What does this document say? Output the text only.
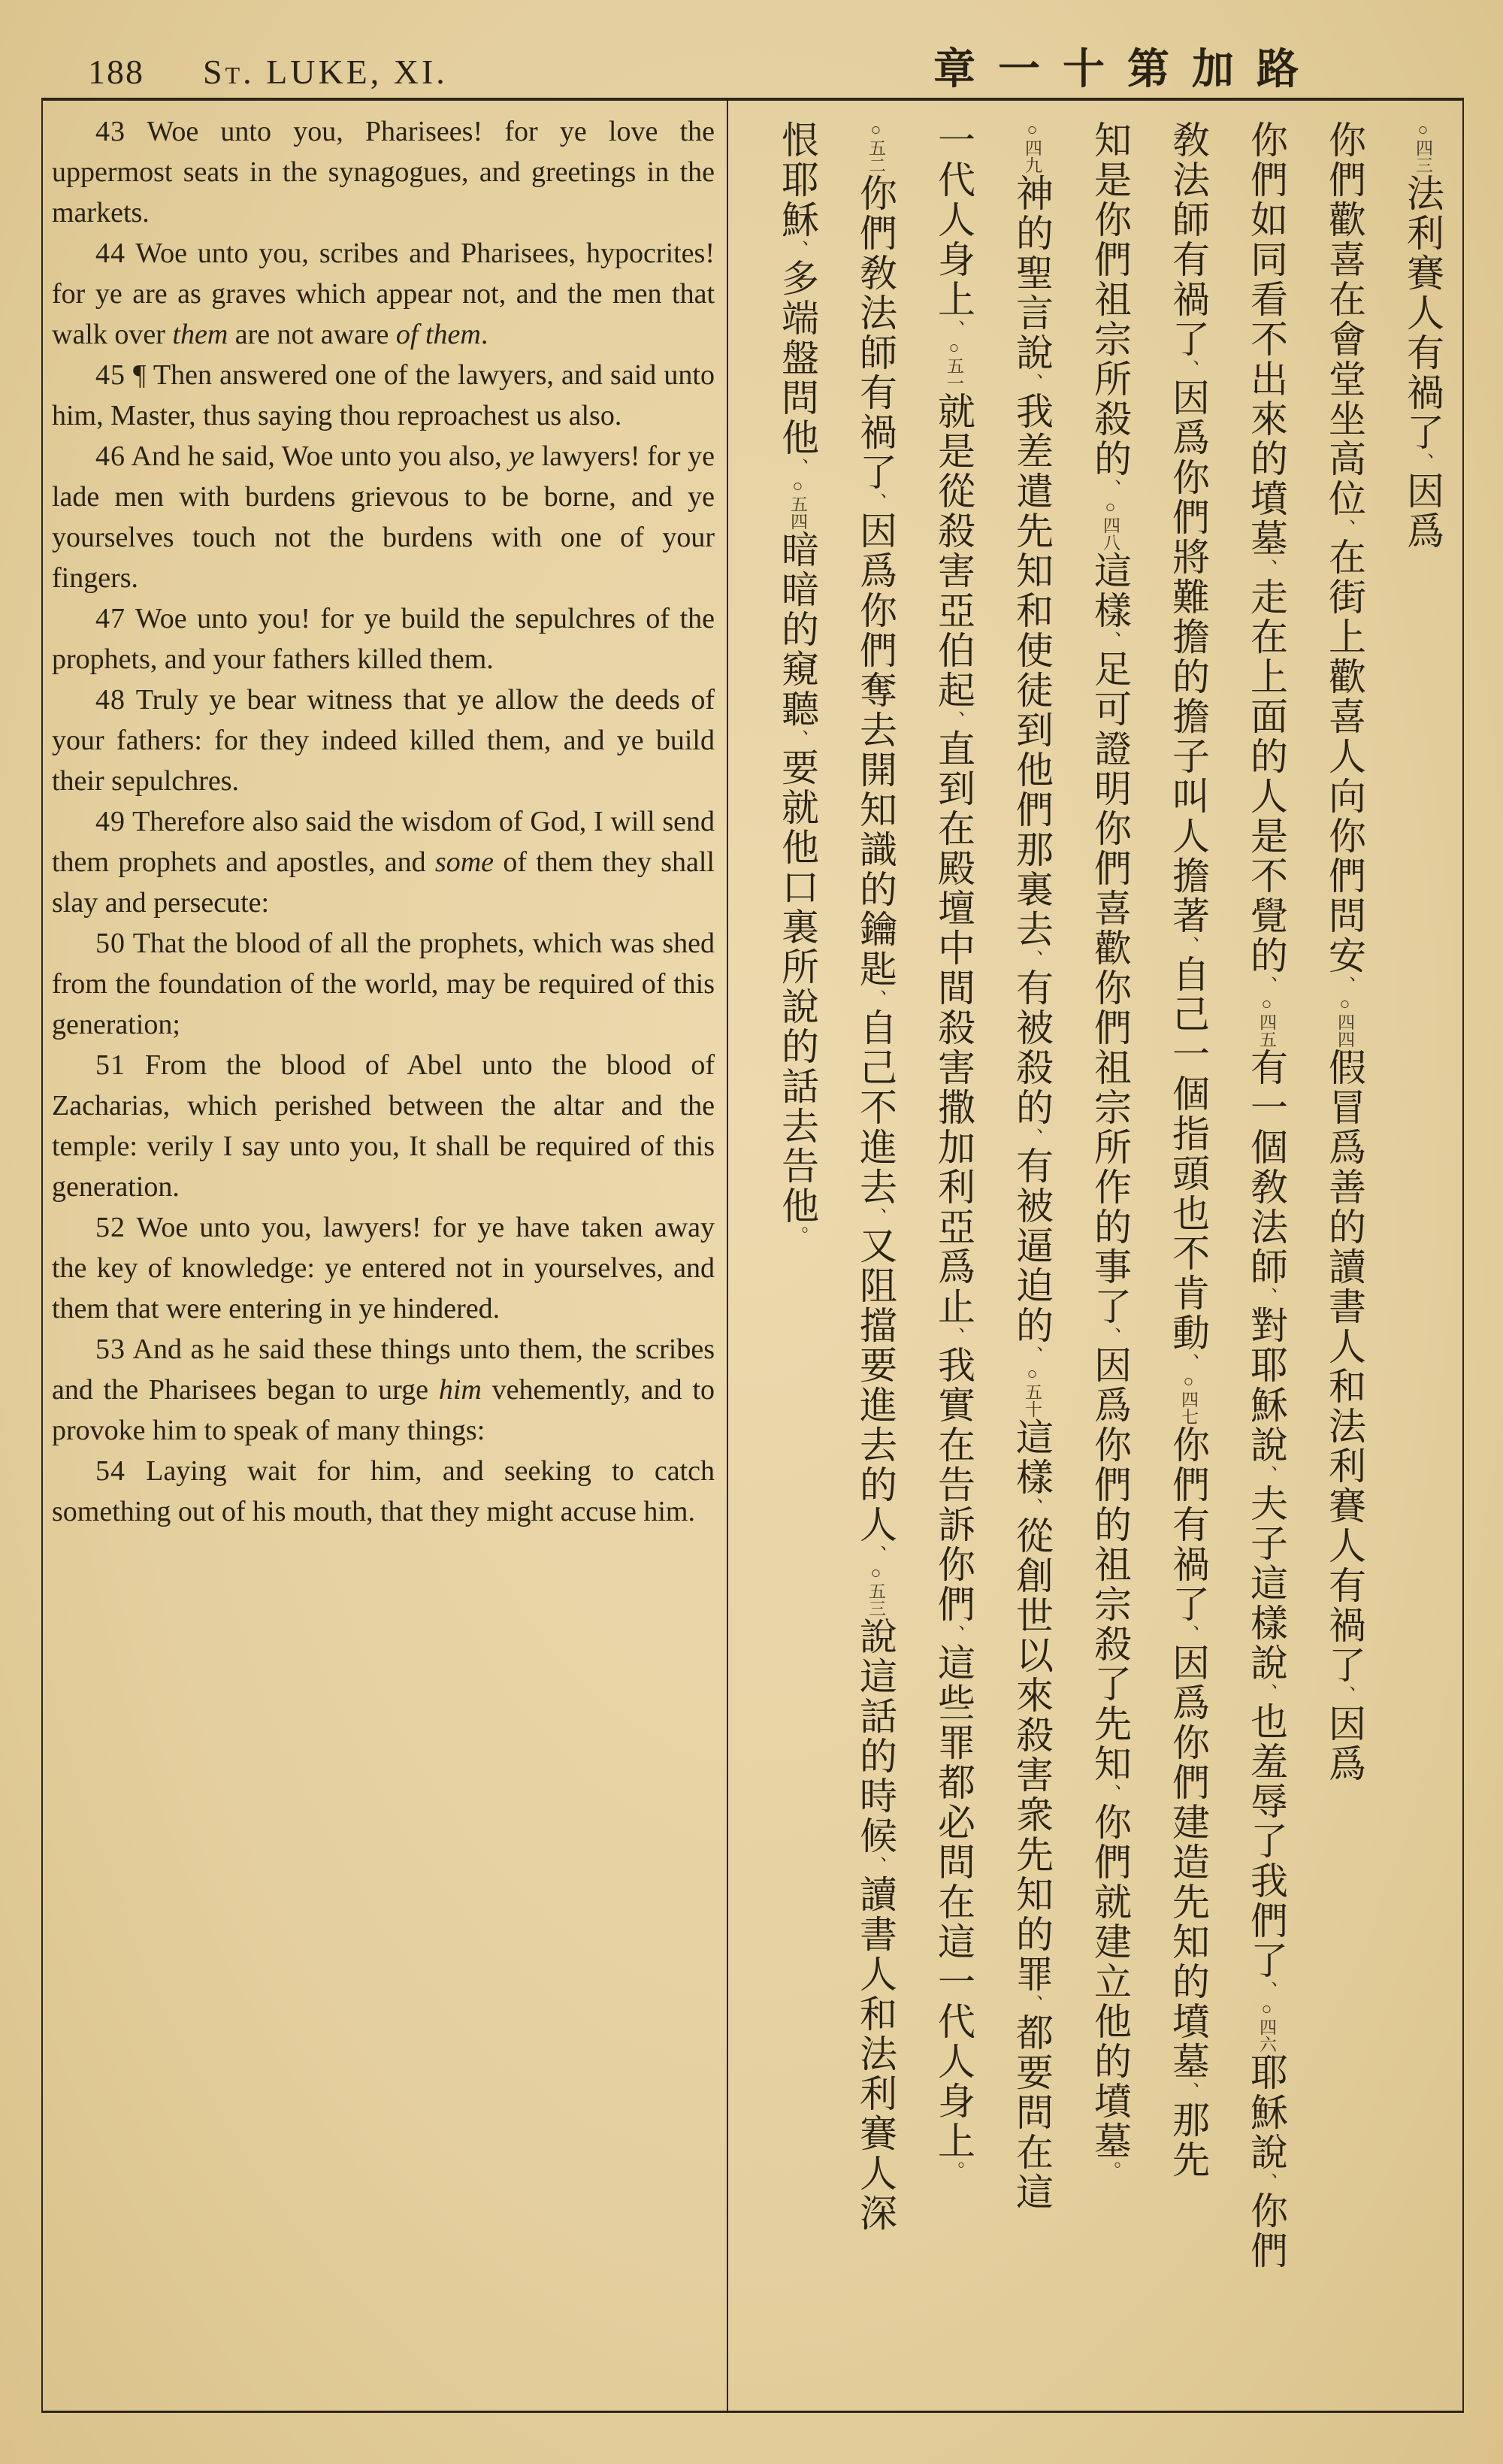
188 St. LUKE, XI.	章一十第加路

43 Woe unto you, Pharisees! for ye love the uppermost seats in the synagogues, and greetings in the markets.

44 Woe unto you, scribes and Pharisees, hypocrites! for ye are as graves which appear not, and the men that walk over them are not aware of them.

45 ¶ Then answered one of the lawyers, and said unto him, Master, thus saying thou reproachest us also.

46 And he said, Woe unto you also, ye lawyers! for ye lade men with burdens grievous to be borne, and ye yourselves touch not the burdens with one of your fingers.

47 Woe unto you! for ye build the sepulchres of the prophets, and your fathers killed them.

48 Truly ye bear witness that ye allow the deeds of your fathers: for they indeed killed them, and ye build their sepulchres.

49 Therefore also said the wisdom of God, I will send them prophets and apostles, and some of them they shall slay and persecute:

50 That the blood of all the prophets, which was shed from the foundation of the world, may be required of this generation;

51 From the blood of Abel unto the blood of Zacharias, which perished between the altar and the temple: verily I say unto you, It shall be required of this generation.

52 Woe unto you, lawyers! for ye have taken away the key of knowledge: ye entered not in yourselves, and them that were entering in ye hindered.

53 And as he said these things unto them, the scribes and the Pharisees began to urge him vehemently, and to provoke him to speak of many things:

54 Laying wait for him, and seeking to catch something out of his mouth, that they might accuse him.

○四三法利賽人有禍了、因爲
你們歡喜在會堂坐高位、在街上歡喜人向你們問安、○四四假冒爲善的讀書人和法利賽人有禍了、因爲
你們如同看不出來的墳墓、走在上面的人是不覺的、○四五有一個敎法師、對耶穌說、夫子這樣說、也羞辱了我們了、○四六耶穌說、你們
敎法師有禍了、因爲你們將難擔的擔子叫人擔著、自己一個指頭也不肯動、○四七你們有禍了、因爲你們建造先知的墳墓、那先
知是你們祖宗所殺的、○四八這樣、足可證明你們喜歡你們祖宗所作的事了、因爲你們的祖宗殺了先知、你們就建立他的墳墓。
○四九神的聖言說、我差遣先知和使徒到他們那裏去、有被殺的、有被逼迫的、○五十這樣、從創世以來殺害衆先知的罪、都要問在這
一代人身上、○五一就是從殺害亞伯起、直到在殿壇中間殺害撒加利亞爲止、我實在告訴你們、這些罪都必問在這一代人身上。
○五二你們敎法師有禍了、因爲你們奪去開知識的鑰匙、自己不進去、又阻擋要進去的人、○五三說這話的時候、讀書人和法利賽人深
恨耶穌、多端盤問他、○五四暗暗的窺聽、要就他口裏所說的話去告他。
